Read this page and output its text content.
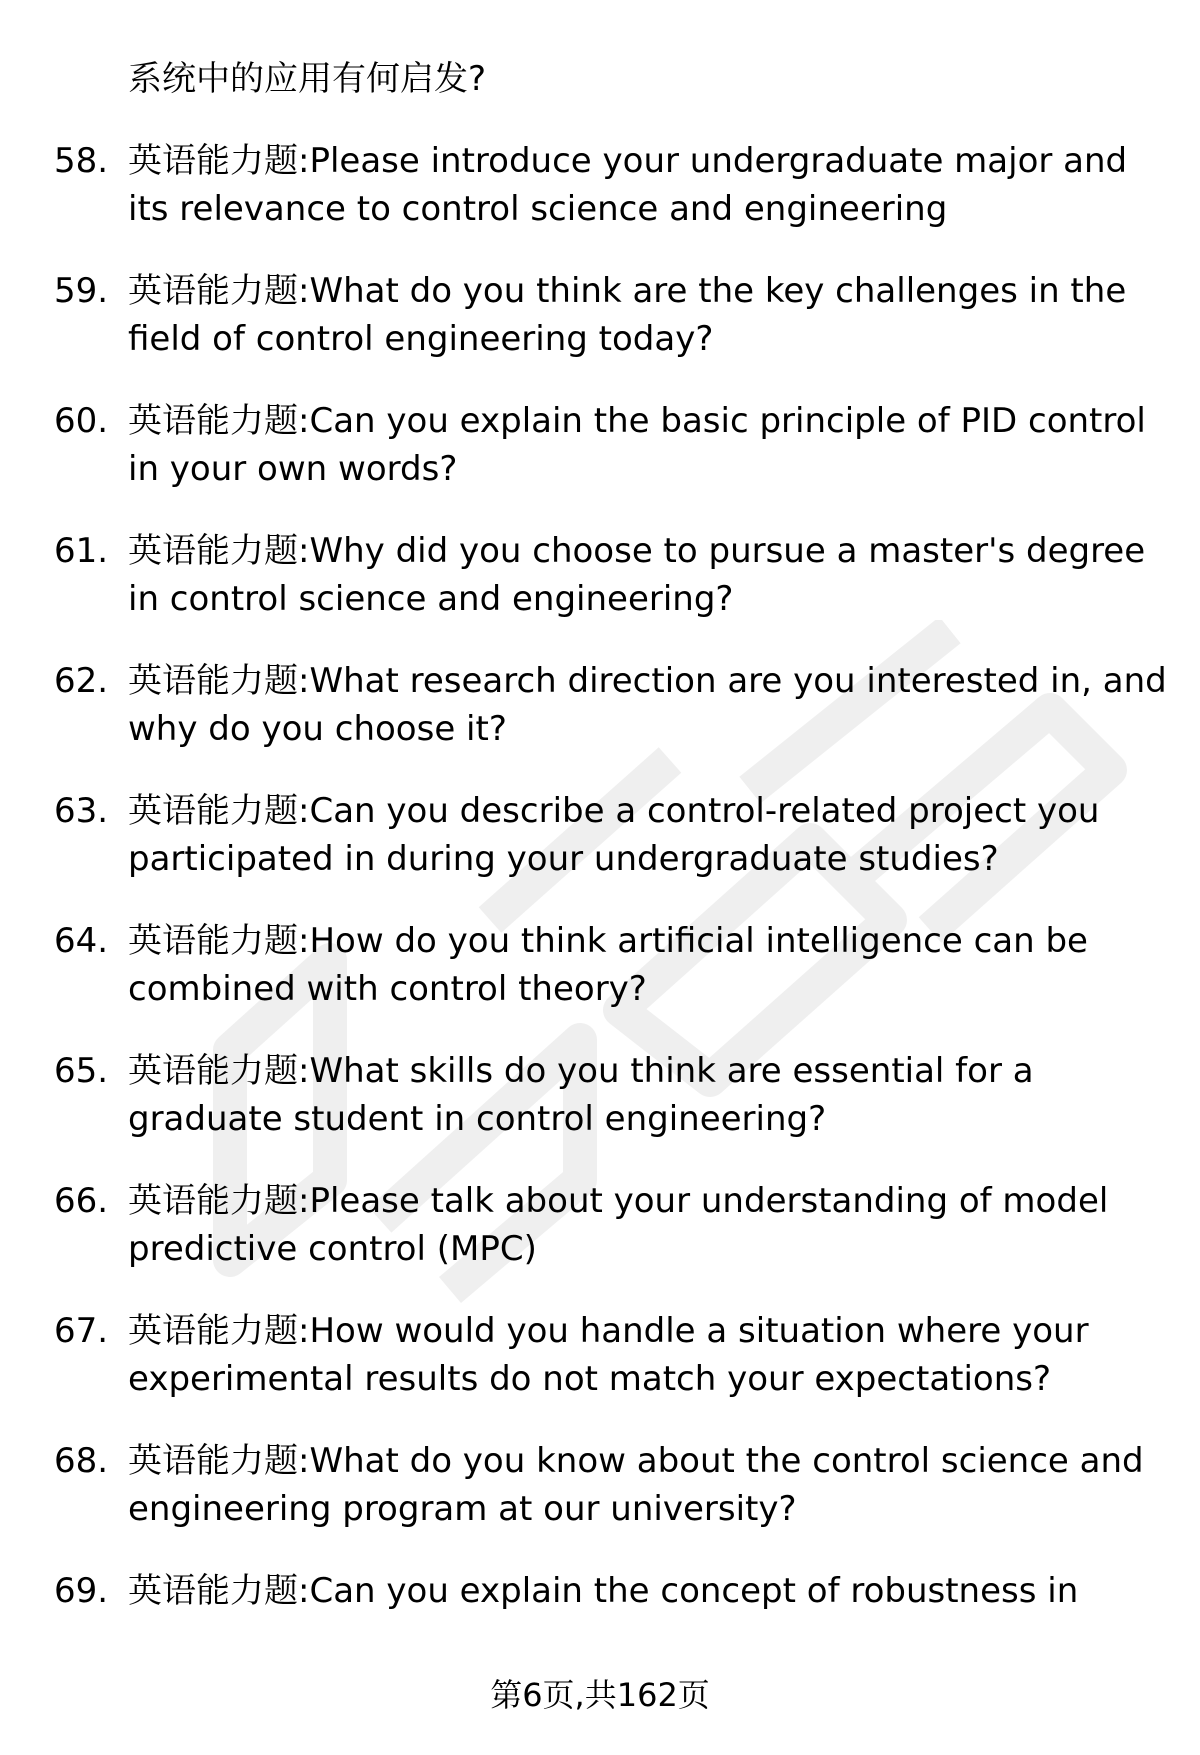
系统中的应用有何启发?
58. 英语能力题:Please introduce your undergraduate major and its relevance to control science and engineering
59. 英语能力题:What do you think are the key challenges in the field of control engineering today?
60. 英语能力题:Can you explain the basic principle of PID control in your own words?
61. 英语能力题:Why did you choose to pursue a master's degree in control science and engineering?
62. 英语能力题:What research direction are you interested in, and why do you choose it?
63. 英语能力题:Can you describe a control-related project you participated in during your undergraduate studies?
64. 英语能力题:How do you think artificial intelligence can be combined with control theory?
65. 英语能力题:What skills do you think are essential for a graduate student in control engineering?
66. 英语能力题:Please talk about your understanding of model predictive control (MPC)
67. 英语能力题:How would you handle a situation where your experimental results do not match your expectations?
68. 英语能力题:What do you know about the control science and engineering program at our university?
69. 英语能力题:Can you explain the concept of robustness in
第6页,共162页
